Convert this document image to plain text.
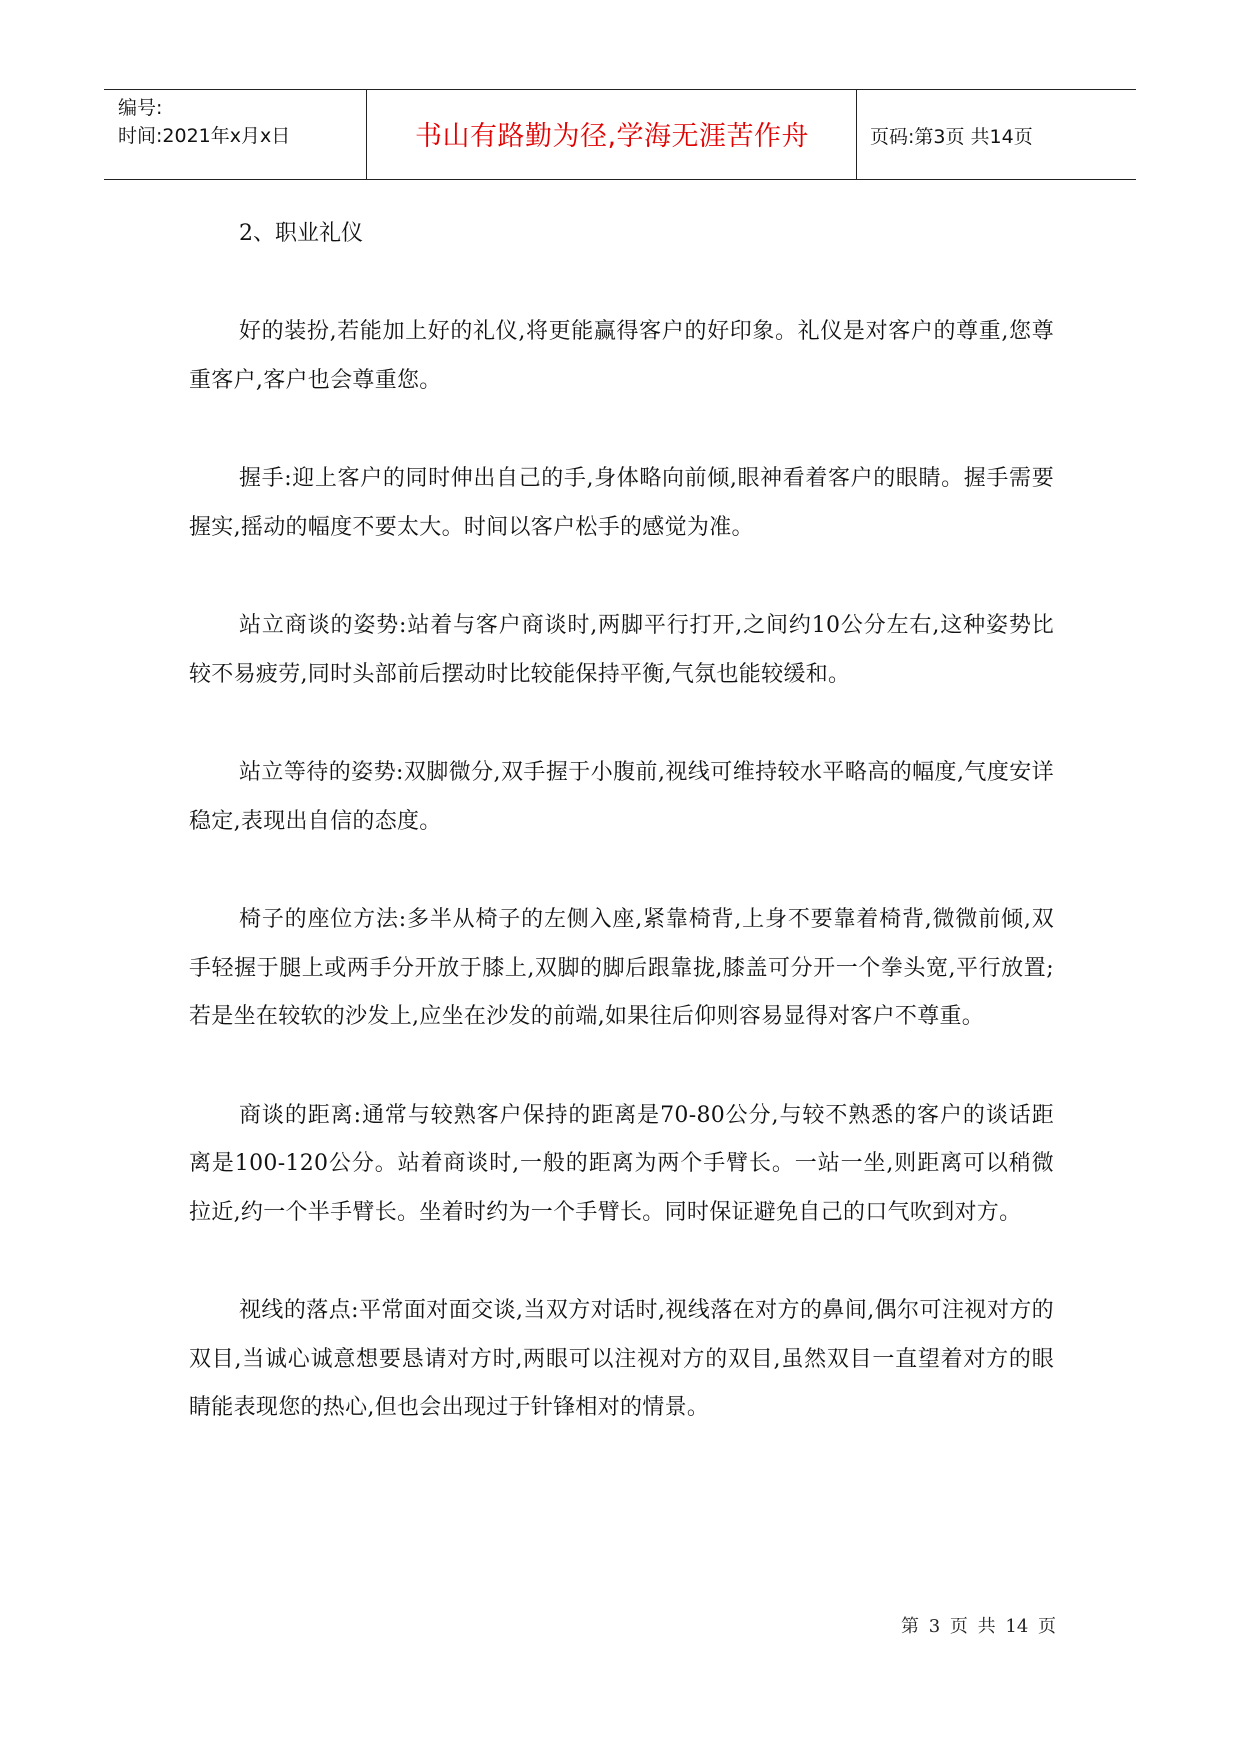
编号:
时间:2021年x月x日	书山有路勤为径,学海无涯苦作舟	页码:第3页 共14页

2、职业礼仪

好的装扮,若能加上好的礼仪,将更能赢得客户的好印象。礼仪是对客户的尊重,您尊重客户,客户也会尊重您。

握手:迎上客户的同时伸出自己的手,身体略向前倾,眼神看着客户的眼睛。握手需要握实,摇动的幅度不要太大。时间以客户松手的感觉为准。

站立商谈的姿势:站着与客户商谈时,两脚平行打开,之间约10公分左右,这种姿势比较不易疲劳,同时头部前后摆动时比较能保持平衡,气氛也能较缓和。

站立等待的姿势:双脚微分,双手握于小腹前,视线可维持较水平略高的幅度,气度安详稳定,表现出自信的态度。

椅子的座位方法:多半从椅子的左侧入座,紧靠椅背,上身不要靠着椅背,微微前倾,双手轻握于腿上或两手分开放于膝上,双脚的脚后跟靠拢,膝盖可分开一个拳头宽,平行放置;若是坐在较软的沙发上,应坐在沙发的前端,如果往后仰则容易显得对客户不尊重。

商谈的距离:通常与较熟客户保持的距离是70-80公分,与较不熟悉的客户的谈话距离是100-120公分。站着商谈时,一般的距离为两个手臂长。一站一坐,则距离可以稍微拉近,约一个半手臂长。坐着时约为一个手臂长。同时保证避免自己的口气吹到对方。

视线的落点:平常面对面交谈,当双方对话时,视线落在对方的鼻间,偶尔可注视对方的双目,当诚心诚意想要恳请对方时,两眼可以注视对方的双目,虽然双目一直望着对方的眼睛能表现您的热心,但也会出现过于针锋相对的情景。

第 3 页 共 14 页
